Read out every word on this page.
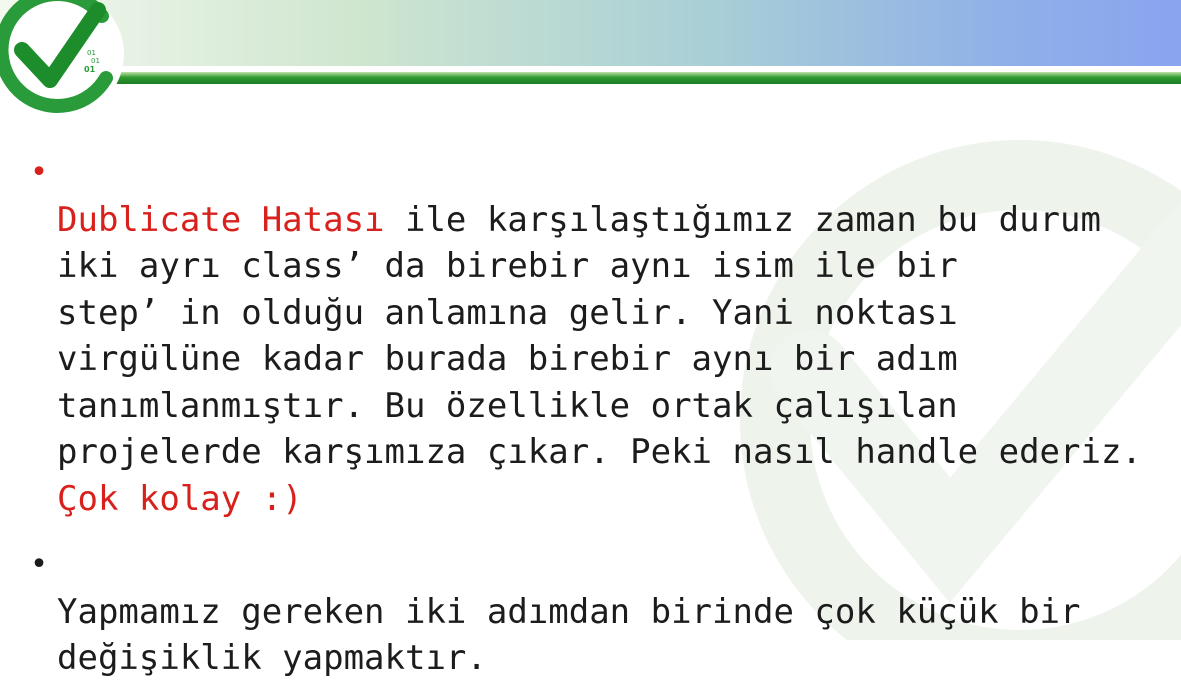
01
01
01

•
Dublicate Hatası ile karşılaştığımız zaman bu durum
iki ayrı class’ da birebir aynı isim ile bir
step’ in olduğu anlamına gelir. Yani noktası
virgülüne kadar burada birebir aynı bir adım
tanımlanmıştır. Bu özellikle ortak çalışılan
projelerde karşımıza çıkar. Peki nasıl handle ederiz.
Çok kolay :)

•
Yapmamız gereken iki adımdan birinde çok küçük bir
değişiklik yapmaktır.
